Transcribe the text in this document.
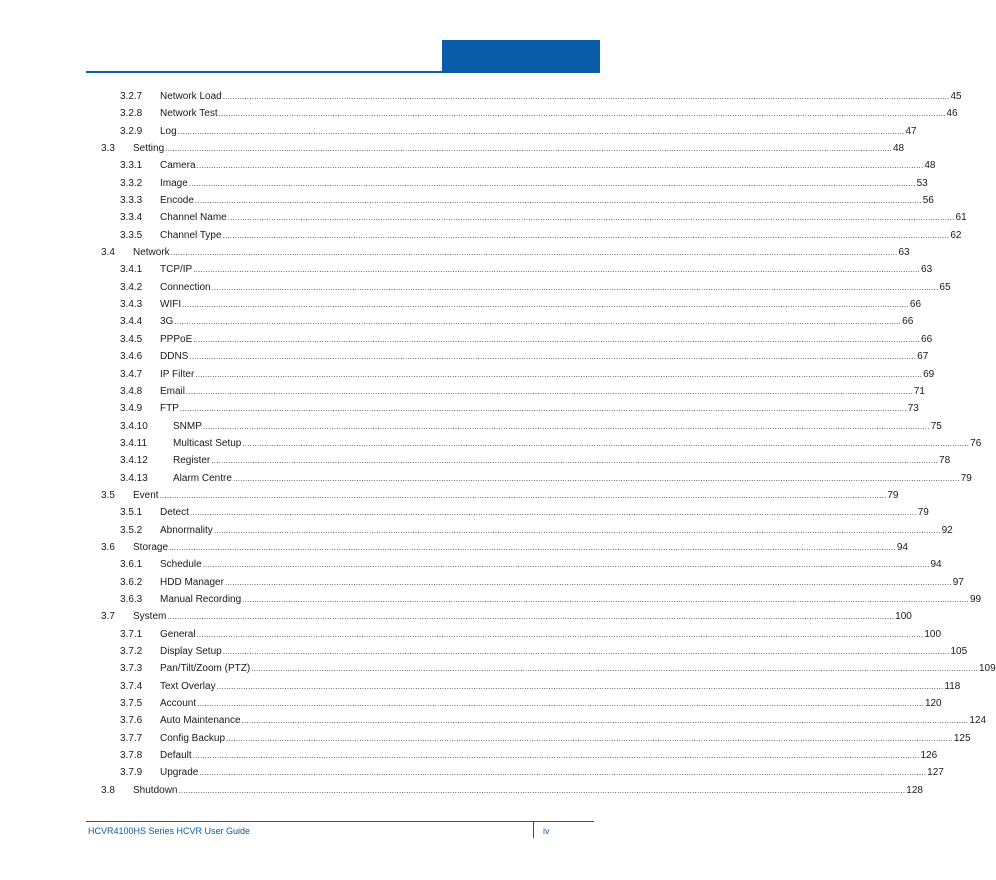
3.2.7 Network Load ............................................................................................................................................................................................................................................................................................................ 45
3.2.8 Network Test ............................................................................................................................................................................................................................................................................................................ 46
3.2.9 Log ............................................................................................................................................................................................................................................................................................................ 47
3.3 Setting ............................................................................................................................................................................................................................................................................................................ 48
3.3.1 Camera ............................................................................................................................................................................................................................................................................................................ 48
3.3.2 Image ............................................................................................................................................................................................................................................................................................................ 53
3.3.3 Encode ............................................................................................................................................................................................................................................................................................................ 56
3.3.4 Channel Name ............................................................................................................................................................................................................................................................................................................ 61
3.3.5 Channel Type ............................................................................................................................................................................................................................................................................................................ 62
3.4 Network ............................................................................................................................................................................................................................................................................................................ 63
3.4.1 TCP/IP ............................................................................................................................................................................................................................................................................................................ 63
3.4.2 Connection ............................................................................................................................................................................................................................................................................................................ 65
3.4.3 WIFI ............................................................................................................................................................................................................................................................................................................ 66
3.4.4 3G ............................................................................................................................................................................................................................................................................................................ 66
3.4.5 PPPoE ............................................................................................................................................................................................................................................................................................................ 66
3.4.6 DDNS ............................................................................................................................................................................................................................................................................................................ 67
3.4.7 IP Filter ............................................................................................................................................................................................................................................................................................................ 69
3.4.8 Email ............................................................................................................................................................................................................................................................................................................ 71
3.4.9 FTP ............................................................................................................................................................................................................................................................................................................ 73
3.4.10	SNMP ............................................................................................................................................................................................................................................................................................................ 75
3.4.11	Multicast Setup ............................................................................................................................................................................................................................................................................................................ 76
3.4.12	Register ............................................................................................................................................................................................................................................................................................................ 78
3.4.13	Alarm Centre ............................................................................................................................................................................................................................................................................................................ 79
3.5 Event ............................................................................................................................................................................................................................................................................................................ 79
3.5.1 Detect ............................................................................................................................................................................................................................................................................................................ 79
3.5.2 Abnormality ............................................................................................................................................................................................................................................................................................................ 92
3.6 Storage ............................................................................................................................................................................................................................................................................................................ 94
3.6.1 Schedule ............................................................................................................................................................................................................................................................................................................ 94
3.6.2 HDD Manager ............................................................................................................................................................................................................................................................................................................ 97
3.6.3 Manual Recording ............................................................................................................................................................................................................................................................................................................ 99
3.7 System ............................................................................................................................................................................................................................................................................................................ 100
3.7.1 General ............................................................................................................................................................................................................................................................................................................ 100
3.7.2 Display Setup ............................................................................................................................................................................................................................................................................................................ 105
3.7.3 Pan/Tilt/Zoom (PTZ) ............................................................................................................................................................................................................................................................................................................ 109
3.7.4 Text Overlay ............................................................................................................................................................................................................................................................................................................ 118
3.7.5 Account ............................................................................................................................................................................................................................................................................................................ 120
3.7.6 Auto Maintenance ............................................................................................................................................................................................................................................................................................................ 124
3.7.7 Config Backup ............................................................................................................................................................................................................................................................................................................ 125
3.7.8 Default ............................................................................................................................................................................................................................................................................................................ 126
3.7.9 Upgrade ............................................................................................................................................................................................................................................................................................................ 127
3.8 Shutdown ............................................................................................................................................................................................................................................................................................................ 128
HCVR4100HS Series HCVR User Guide	iv
